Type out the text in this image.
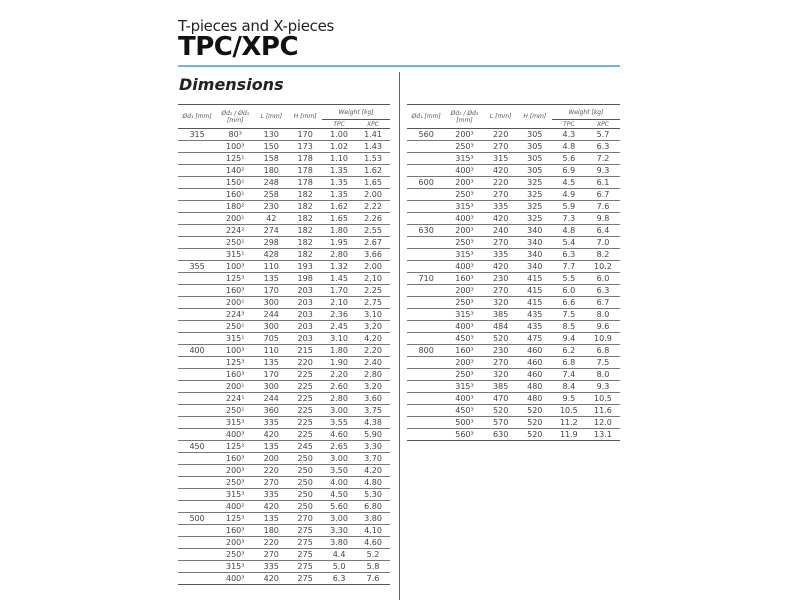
T-pieces and X-pieces
TPC/XPC
Dimensions
Ød₁ [mm]	Ød₂ / Ød₃ [mm]	L [mm]	H [mm]	Weight [kg]	
				TPC	XPC
315	80³	130	170	1.00	1.41
	100³	150	173	1.02	1.43
	125¹	158	178	1.10	1.53
	140²	180	178	1.35	1.62
	150¹	248	178	1.35	1.65
	160¹	258	182	1.35	2.00
	180²	230	182	1.62	2.22
	200¹	42	182	1.65	2.26
	224²	274	182	1.80	2.55
	250¹	298	182	1.95	2.67
	315¹	428	182	2.80	3.66
355	100³	110	193	1.32	2.00
	125³	135	198	1.45	2.10
	160³	170	203	1.70	2.25
	200¹	300	203	2.10	2.75
	224³	244	203	2.36	3.10
	250¹	300	203	2.45	3.20
	315¹	705	203	3.10	4.20
400	100³	110	215	1.80	2.20
	125³	135	220	1.90	2.40
	160³	170	225	2.20	2.80
	200¹	300	225	2.60	3.20
	224¹	244	225	2.80	3.60
	250¹	360	225	3.00	3.75
	315³	335	225	3.55	4.38
	400³	420	225	4.60	5.90
450	125²	135	245	2.65	3.30
	160³	200	250	3.00	3.70
	200³	220	250	3.50	4.20
	250³	270	250	4.00	4.80
	315³	335	250	4.50	5.30
	400²	420	250	5.60	6.80
500	125³	135	270	3.00	3.80
	160³	180	275	3.30	4.10
	200³	220	275	3.80	4.60
	250³	270	275	4.4	5.2
	315³	335	275	5.0	5.8
	400³	420	275	6.3	7.6
Ød₁ [mm]	Ød₂ / Ød₃ [mm]	L [mm]	H [mm]	Weight [kg]	
				TPC	XPC
560	200³	220	305	4.3	5.7
	250³	270	305	4.8	6.3
	315³	315	305	5.6	7.2
	400³	420	305	6.9	9.3
600	200³	220	325	4.5	6.1
	250³	270	325	4.9	6.7
	315³	335	325	5.9	7.6
	400³	420	325	7.3	9.8
630	200³	240	340	4.8	6.4
	250³	270	340	5.4	7.0
	315³	335	340	6.3	8.2
	400³	420	340	7.7	10.2
710	160³	230	415	5.5	6.0
	200³	270	415	6.0	6.3
	250³	320	415	6.6	6.7
	315³	385	435	7.5	8.0
	400³	484	435	8.5	9.6
	450³	520	475	9.4	10.9
800	160³	230	460	6.2	6.8
	200³	270	460	6.8	7.5
	250³	320	460	7.4	8.0
	315³	385	480	8.4	9.3
	400³	470	480	9.5	10.5
	450³	520	520	10.5	11.6
	500³	570	520	11.2	12.0
	560³	630	520	11.9	13.1
